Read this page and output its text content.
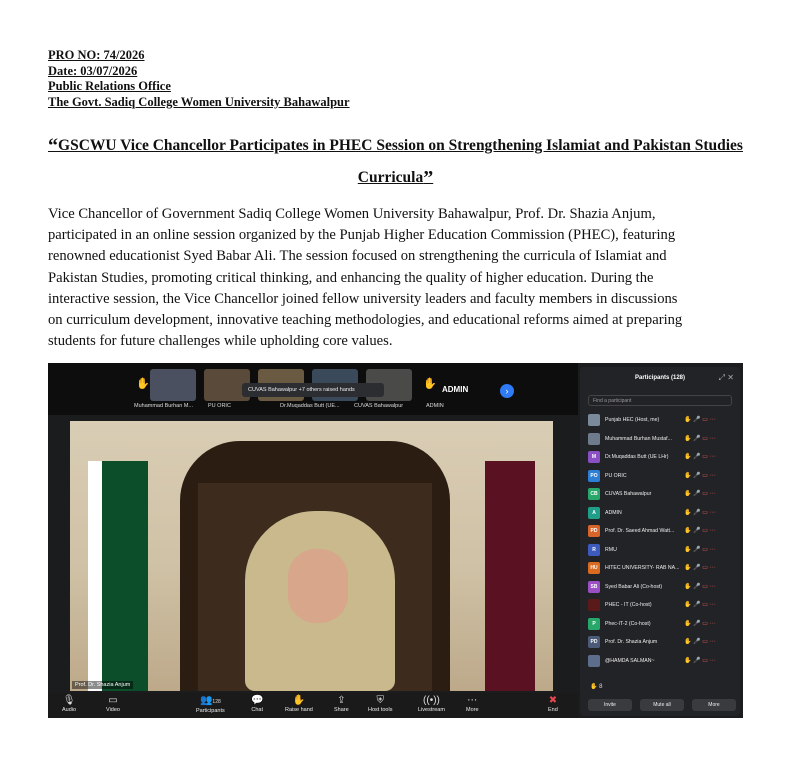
PRO NO: 74/2026
Date: 03/07/2026
Public Relations Office
The Govt. Sadiq College Women University Bahawalpur
“GSCWU Vice Chancellor Participates in PHEC Session on Strengthening Islamiat and Pakistan Studies
Curricula”
Vice Chancellor of Government Sadiq College Women University Bahawalpur, Prof. Dr. Shazia Anjum,
participated in an online session organized by the Punjab Higher Education Commission (PHEC), featuring
renowned educationist Syed Babar Ali. The session focused on strengthening the curricula of Islamiat and
Pakistan Studies, promoting critical thinking, and enhancing the quality of higher education. During the
interactive session, the Vice Chancellor joined fellow university leaders and faculty members in discussions
on curriculum development, innovative teaching methodologies, and educational reforms aimed at preparing
students for future challenges while upholding core values.
✋	✋
Muhammad Burhan M...	PU ORIC	Dr.Muqaddas Butt (UE...	CUVAS Bahawalpur	ADMIN
CUVAS Bahawalpur +7 others raised hands	ADMIN	›
Prof. Dr. Shazia Anjum
🎙
Audio
▭
Video
👥128
Participants
💬
Chat
✋
Raise hand
⇪
Share
⛨
Host tools
((•))
Livestream
⋯
More
✖
End
Participants (128)	⤢ ✕
Find a participant
Punjab HEC (Host, me)	✋ 🎤 ▭ ⋯
Muhammad Burhan Mustaf... ✋ 🎤 ▭ ⋯
M	Dr.Muqaddas Butt (UE LHr)	✋ 🎤 ▭ ⋯
PO	PU ORIC	✋ 🎤 ▭ ⋯
CB	CUVAS Bahawalpur	✋ 🎤 ▭ ⋯
A	ADMIN	✋ 🎤 ▭ ⋯
PD	Prof. Dr. Saeed Ahmad Watt... ✋ 🎤 ▭ ⋯
R	RMU	✋ 🎤 ▭ ⋯
HU	HITEC UNIVERSITY- RAB NA... ✋ 🎤 ▭ ⋯
SB	Syed Babar Ali (Co-host)	✋ 🎤 ▭ ⋯
PHEC - IT (Co-host)	✋ 🎤 ▭ ⋯
P	Phec-IT-2 (Co-host)	✋ 🎤 ▭ ⋯
PD	Prof. Dr. Shazia Anjum	✋ 🎤 ▭ ⋯
@HAMDA SALMAN~	✋ 🎤 ▭ ⋯
✋ 8
Invite	Mute all	More
